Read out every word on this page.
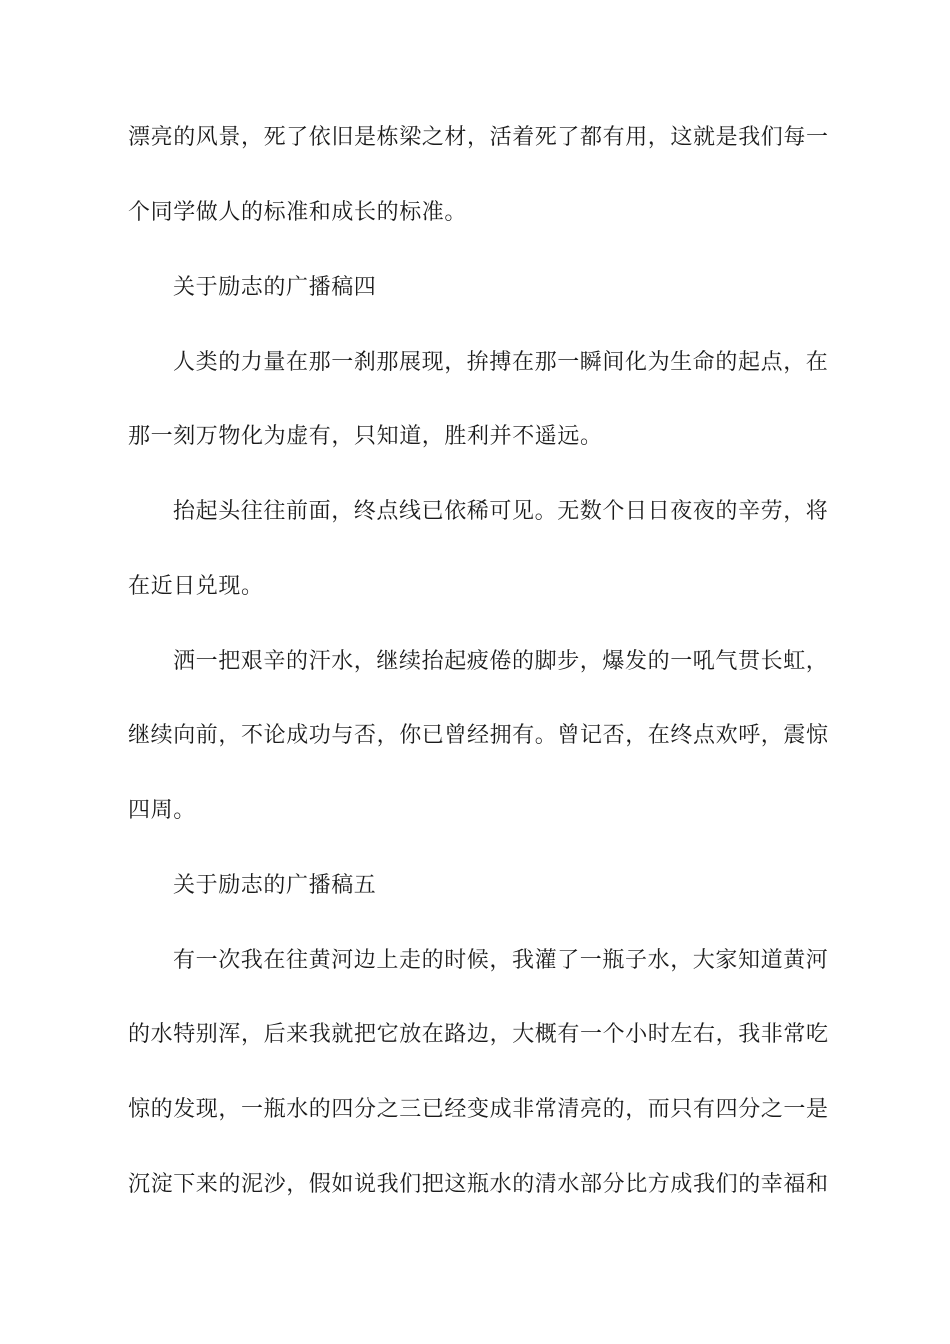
漂亮的风景，死了依旧是栋梁之材，活着死了都有用，这就是我们每一
个同学做人的标准和成长的标准。
关于励志的广播稿四
人类的力量在那一刹那展现，拚搏在那一瞬间化为生命的起点，在
那一刻万物化为虚有，只知道，胜利并不遥远。
抬起头往往前面，终点线已依稀可见。无数个日日夜夜的辛劳，将
在近日兑现。
洒一把艰辛的汗水，继续抬起疲倦的脚步，爆发的一吼气贯长虹，
继续向前，不论成功与否，你已曾经拥有。曾记否，在终点欢呼，震惊
四周。
关于励志的广播稿五
有一次我在往黄河边上走的时候，我灌了一瓶子水，大家知道黄河
的水特别浑，后来我就把它放在路边，大概有一个小时左右，我非常吃
惊的发现，一瓶水的四分之三已经变成非常清亮的，而只有四分之一是
沉淀下来的泥沙，假如说我们把这瓶水的清水部分比方成我们的幸福和
